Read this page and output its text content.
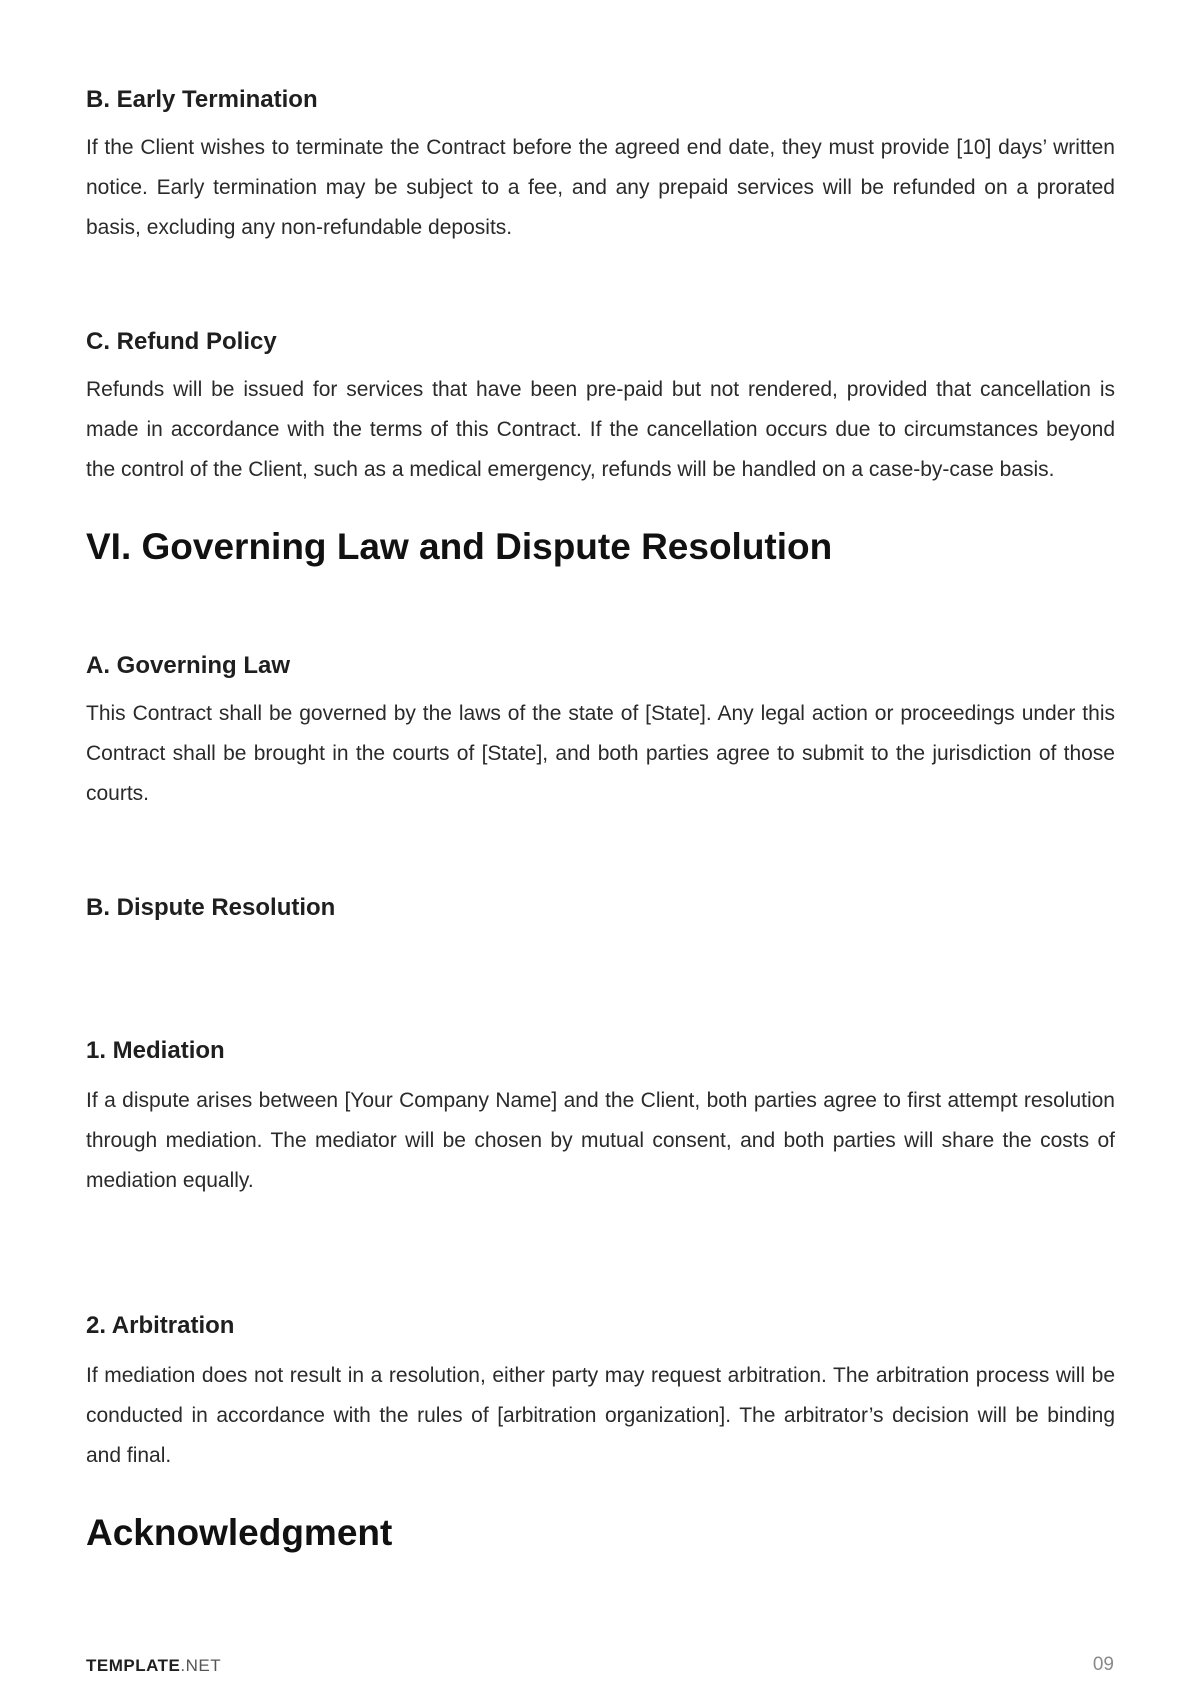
B. Early Termination

If the Client wishes to terminate the Contract before the agreed end date, they must provide [10] days’ written notice. Early termination may be subject to a fee, and any prepaid services will be refunded on a prorated basis, excluding any non-refundable deposits.

C. Refund Policy

Refunds will be issued for services that have been pre-paid but not rendered, provided that cancellation is made in accordance with the terms of this Contract. If the cancellation occurs due to circumstances beyond the control of the Client, such as a medical emergency, refunds will be handled on a case-by-case basis.

VI. Governing Law and Dispute Resolution
A. Governing Law

This Contract shall be governed by the laws of the state of [State]. Any legal action or proceedings under this Contract shall be brought in the courts of [State], and both parties agree to submit to the jurisdiction of those courts.

B. Dispute Resolution
1. Mediation

If a dispute arises between [Your Company Name] and the Client, both parties agree to first attempt resolution through mediation. The mediator will be chosen by mutual consent, and both parties will share the costs of mediation equally.

2. Arbitration

If mediation does not result in a resolution, either party may request arbitration. The arbitration process will be conducted in accordance with the rules of [arbitration organization]. The arbitrator’s decision will be binding and final.

Acknowledgment
TEMPLATE.NET	09
